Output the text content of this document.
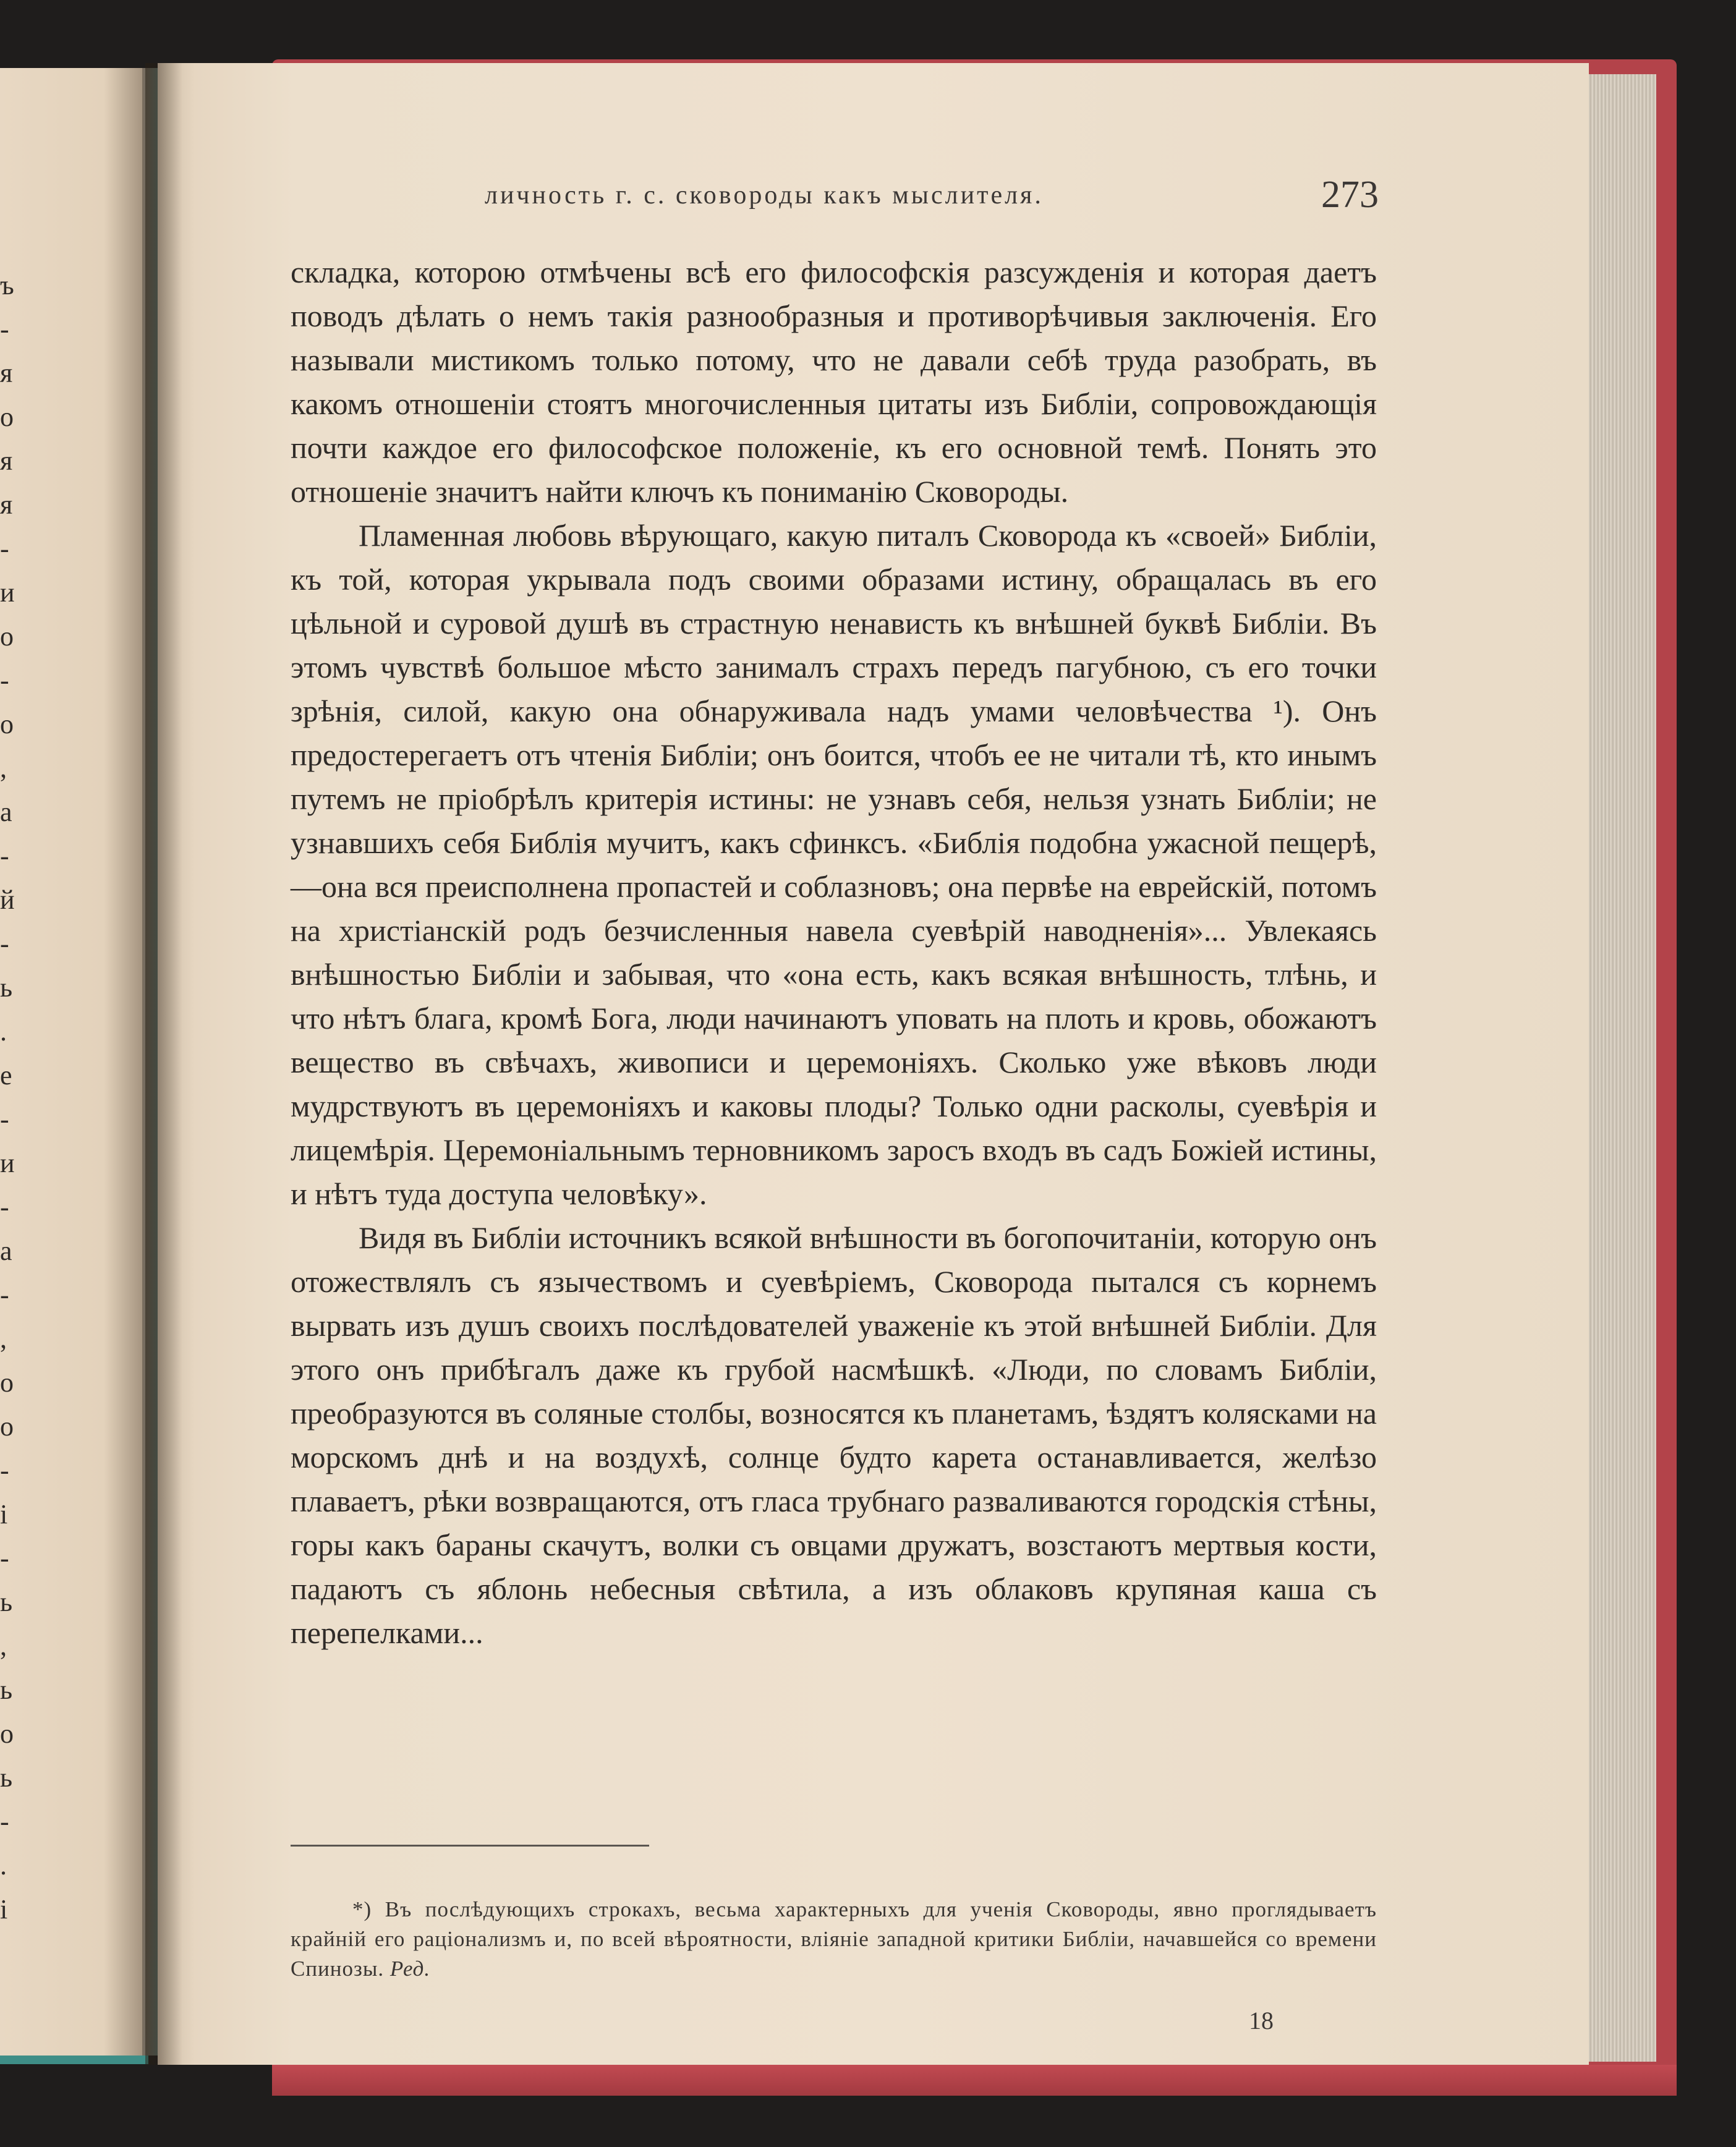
ъ
-
я
о
я
я
-
и
о
-
о
,
а
-
й
-
ь
.
е
-
и
-
а
-
,
о
о
-
і
-
ь
,
ь
о
ь
-
.
і
личность г. с. сковороды какъ мыслителя.	273

складка, которою отмѣчены всѣ его философскія разсужденія и которая даетъ поводъ дѣлать о немъ такія разнообразныя и противорѣчивыя заключенія. Его называли мистикомъ только потому, что не давали себѣ труда разобрать, въ какомъ отношеніи стоятъ многочисленныя цитаты изъ Библіи, сопровождающія почти каждое его философское положеніе, къ его основной темѣ. Понять это отношеніе значитъ найти ключъ къ пониманію Сковороды.

Пламенная любовь вѣрующаго, какую питалъ Сковорода къ «своей» Библіи, къ той, которая укрывала подъ своими образами истину, обращалась въ его цѣльной и суровой душѣ въ страстную ненависть къ внѣшней буквѣ Библіи. Въ этомъ чувствѣ большое мѣсто занималъ страхъ передъ пагубною, съ его точки зрѣнія, силой, какую она обнаруживала надъ умами человѣчества ¹). Онъ предостерегаетъ отъ чтенія Библіи; онъ боится, чтобъ ее не читали тѣ, кто инымъ путемъ не пріобрѣлъ критерія истины: не узнавъ себя, нельзя узнать Библіи; не узнавшихъ себя Библія мучитъ, какъ сфинксъ. «Библія подобна ужасной пещерѣ,—она вся преисполнена пропастей и соблазновъ; она первѣе на еврейскій, потомъ на христіанскій родъ безчисленныя навела суевѣрій наводненія»... Увлекаясь внѣшностью Библіи и забывая, что «она есть, какъ всякая внѣшность, тлѣнь, и что нѣтъ блага, кромѣ Бога, люди начинаютъ уповать на плоть и кровь, обожаютъ вещество въ свѣчахъ, живописи и церемоніяхъ. Сколько уже вѣковъ люди мудрствуютъ въ церемоніяхъ и каковы плоды? Только одни расколы, суевѣрія и лицемѣрія. Церемоніальнымъ терновникомъ заросъ входъ въ садъ Божіей истины, и нѣтъ туда доступа человѣку».

Видя въ Библіи источникъ всякой внѣшности въ богопочитаніи, которую онъ отожествлялъ съ язычествомъ и суевѣріемъ, Сковорода пытался съ корнемъ вырвать изъ душъ своихъ послѣдователей уваженіе къ этой внѣшней Библіи. Для этого онъ прибѣгалъ даже къ грубой насмѣшкѣ. «Люди, по словамъ Библіи, преобразуются въ соляные столбы, возносятся къ планетамъ, ѣздятъ колясками на морскомъ днѣ и на воздухѣ, солнце будто карета останавливается, желѣзо плаваетъ, рѣки возвращаются, отъ гласа трубнаго разваливаются городскія стѣны, горы какъ бараны скачутъ, волки съ овцами дружатъ, возстаютъ мертвыя кости, падаютъ съ яблонь небесныя свѣтила, а изъ облаковъ крупяная каша съ перепелками...

*) Въ послѣдующихъ строкахъ, весьма характерныхъ для ученія Сковороды, явно проглядываетъ крайній его раціонализмъ и, по всей вѣроятности, вліяніе западной критики Библіи, начавшейся со времени Спинозы. Ред.

18
